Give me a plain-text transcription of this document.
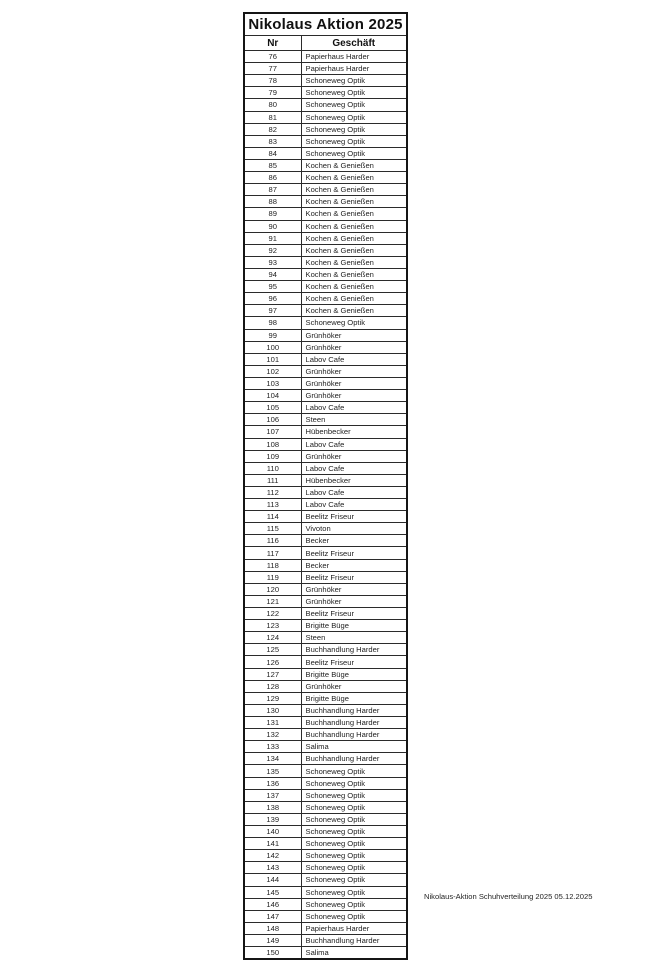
Nikolaus Aktion 2025	
Nr	Geschäft
76	Papierhaus Harder
77	Papierhaus Harder
78	Schoneweg Optik
79	Schoneweg Optik
80	Schoneweg Optik
81	Schoneweg Optik
82	Schoneweg Optik
83	Schoneweg Optik
84	Schoneweg Optik
85	Kochen & Genießen
86	Kochen & Genießen
87	Kochen & Genießen
88	Kochen & Genießen
89	Kochen & Genießen
90	Kochen & Genießen
91	Kochen & Genießen
92	Kochen & Genießen
93	Kochen & Genießen
94	Kochen & Genießen
95	Kochen & Genießen
96	Kochen & Genießen
97	Kochen & Genießen
98	Schoneweg Optik
99	Grünhöker
100	Grünhöker
101	Labov Cafe
102	Grünhöker
103	Grünhöker
104	Grünhöker
105	Labov Cafe
106	Steen
107	Hübenbecker
108	Labov Cafe
109	Grünhöker
110	Labov Cafe
111	Hübenbecker
112	Labov Cafe
113	Labov Cafe
114	Beelitz Friseur
115	Vivoton
116	Becker
117	Beelitz Friseur
118	Becker
119	Beelitz Friseur
120	Grünhöker
121	Grünhöker
122	Beelitz Friseur
123	Brigitte Büge
124	Steen
125	Buchhandlung Harder
126	Beelitz Friseur
127	Brigitte Büge
128	Grünhöker
129	Brigitte Büge
130	Buchhandlung Harder
131	Buchhandlung Harder
132	Buchhandlung Harder
133	Salima
134	Buchhandlung Harder
135	Schoneweg Optik
136	Schoneweg Optik
137	Schoneweg Optik
138	Schoneweg Optik
139	Schoneweg Optik
140	Schoneweg Optik
141	Schoneweg Optik
142	Schoneweg Optik
143	Schoneweg Optik
144	Schoneweg Optik
145	Schoneweg Optik
146	Schoneweg Optik
147	Schoneweg Optik
148	Papierhaus Harder
149	Buchhandlung Harder
150	Salima
Nikolaus-Aktion Schuhverteilung 2025 05.12.2025
